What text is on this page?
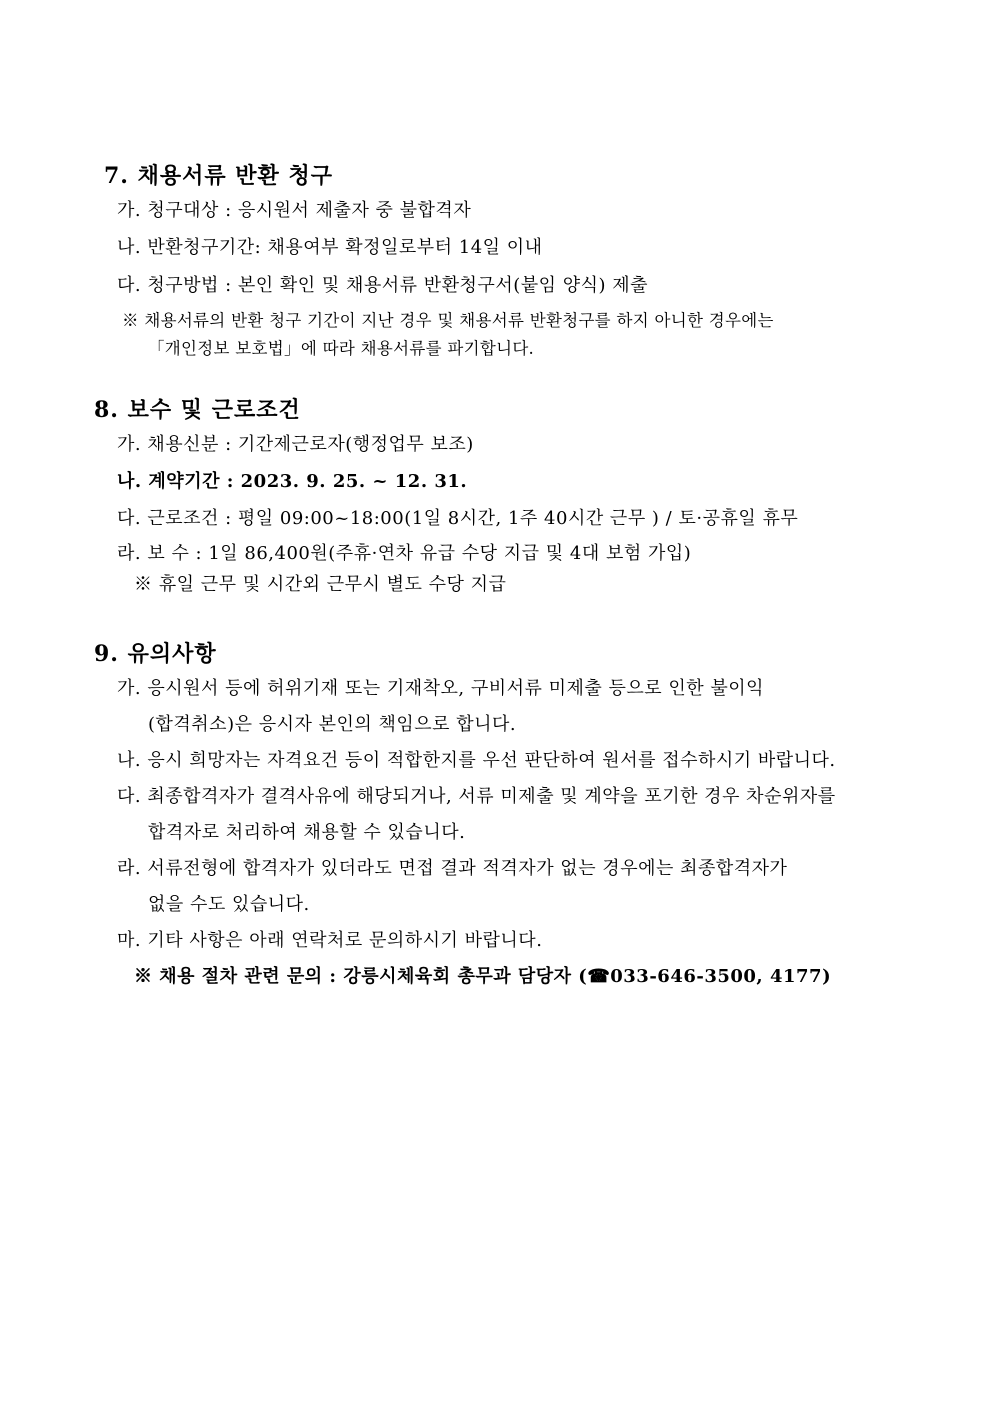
7. 채용서류 반환 청구
가. 청구대상 : 응시원서 제출자 중 불합격자
나. 반환청구기간: 채용여부 확정일로부터 14일 이내
다. 청구방법 : 본인 확인 및 채용서류 반환청구서(붙임 양식) 제출
※ 채용서류의 반환 청구 기간이 지난 경우 및 채용서류 반환청구를 하지 아니한 경우에는
「개인정보 보호법」에 따라 채용서류를 파기합니다.
8. 보수 및 근로조건
가. 채용신분 : 기간제근로자(행정업무 보조)
나. 계약기간 : 2023. 9. 25. ~ 12. 31.
다. 근로조건 : 평일 09:00~18:00(1일 8시간, 1주 40시간 근무 ) / 토·공휴일 휴무
라. 보 수 : 1일 86,400원(주휴·연차 유급 수당 지급 및 4대 보험 가입)
※ 휴일 근무 및 시간외 근무시 별도 수당 지급
9. 유의사항
가. 응시원서 등에 허위기재 또는 기재착오, 구비서류 미제출 등으로 인한 불이익
(합격취소)은 응시자 본인의 책임으로 합니다.
나. 응시 희망자는 자격요건 등이 적합한지를 우선 판단하여 원서를 접수하시기 바랍니다.
다. 최종합격자가 결격사유에 해당되거나, 서류 미제출 및 계약을 포기한 경우 차순위자를
합격자로 처리하여 채용할 수 있습니다.
라. 서류전형에 합격자가 있더라도 면접 결과 적격자가 없는 경우에는 최종합격자가
없을 수도 있습니다.
마. 기타 사항은 아래 연락처로 문의하시기 바랍니다.
※ 채용 절차 관련 문의 : 강릉시체육회 총무과 담당자 (☎033-646-3500, 4177)
